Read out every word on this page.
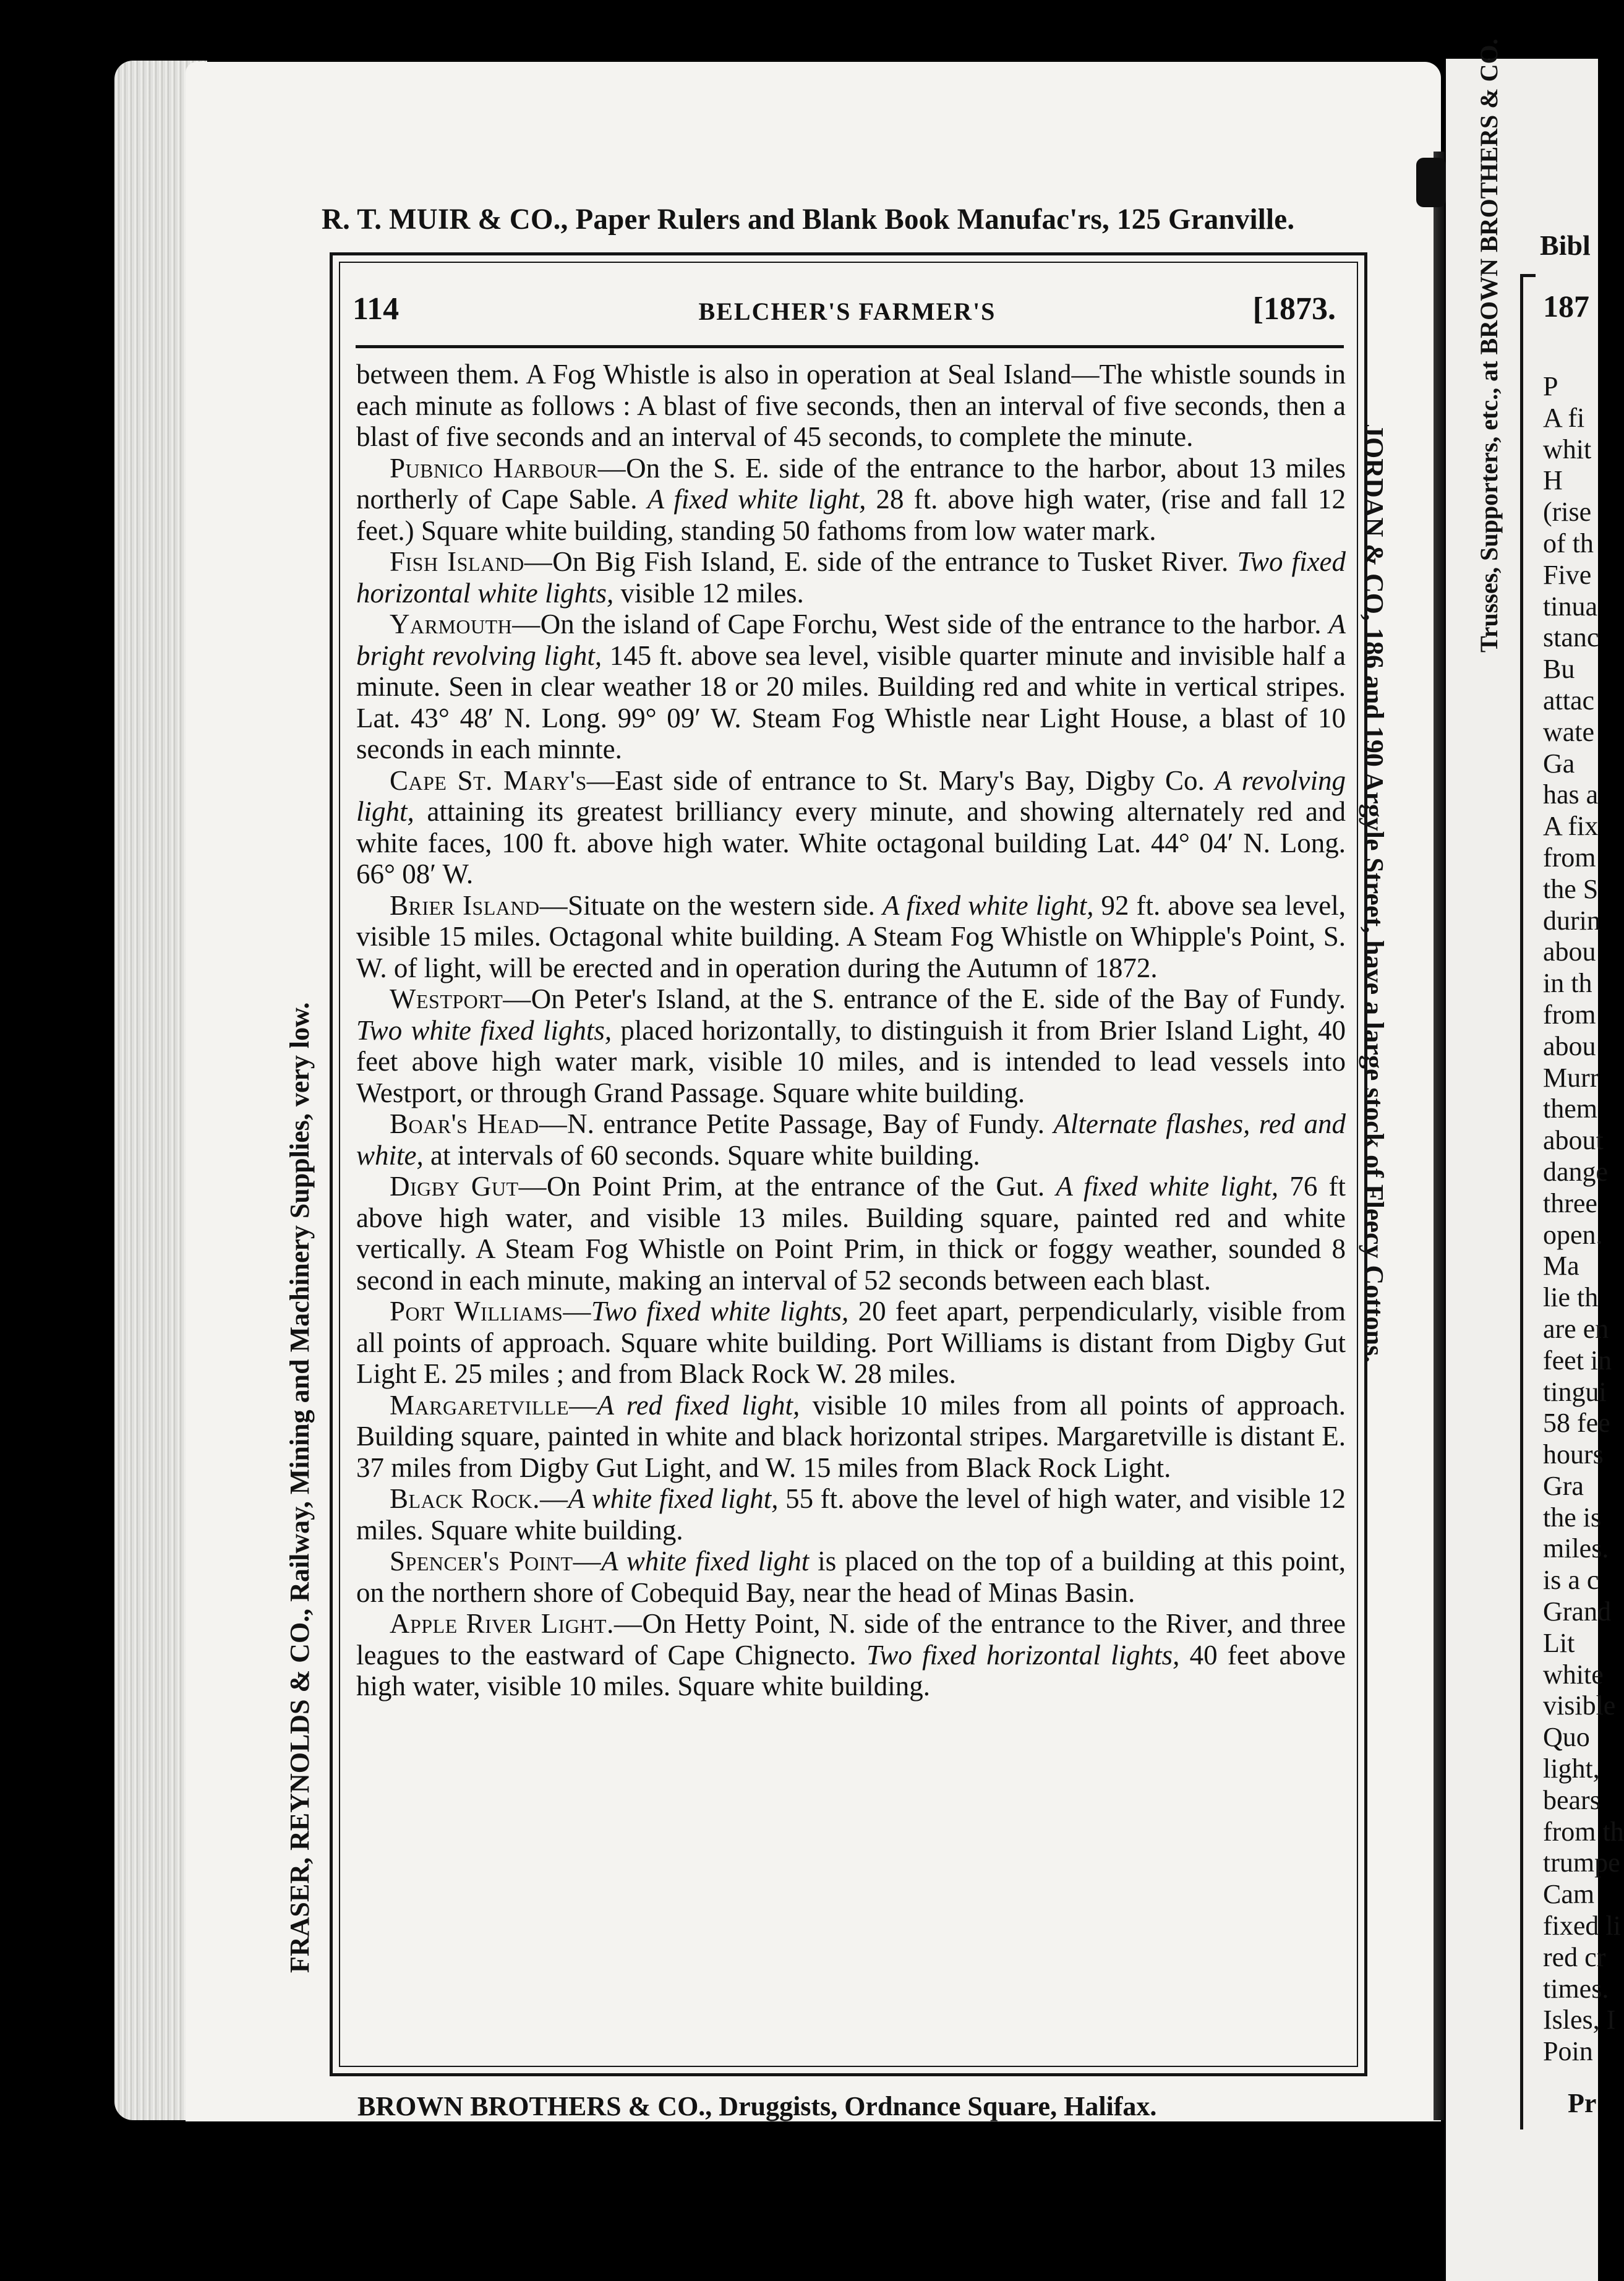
R. T. MUIR & CO., Paper Rulers and Blank Book Manufac'rs, 125 Granville.
FRASER, REYNOLDS & CO., Railway, Mining and Machinery Supplies, very low.
JORDAN & CO, 186 and 190 Argyle Street, have a large stock of Fleecy Cottons.
114	BELCHER'S FARMER'S	[1873.

between them. A Fog Whistle is also in operation at Seal Island—The whistle sounds in each minute as follows : A blast of five seconds, then an interval of five seconds, then a blast of five seconds and an interval of 45 seconds, to complete the minute.

Pubnico Harbour—On the S. E. side of the entrance to the harbor, about 13 miles northerly of Cape Sable. A fixed white light, 28 ft. above high water, (rise and fall 12 feet.) Square white building, standing 50 fathoms from low water mark.

Fish Island—On Big Fish Island, E. side of the entrance to Tusket River. Two fixed horizontal white lights, visible 12 miles.

Yarmouth—On the island of Cape Forchu, West side of the entrance to the harbor. A bright revolving light, 145 ft. above sea level, visible quarter minute and invisible half a minute. Seen in clear weather 18 or 20 miles. Building red and white in vertical stripes. Lat. 43° 48′ N. Long. 99° 09′ W. Steam Fog Whistle near Light House, a blast of 10 seconds in each minnte.

Cape St. Mary's—East side of entrance to St. Mary's Bay, Digby Co. A revolving light, attaining its greatest brilliancy every minute, and showing alternately red and white faces, 100 ft. above high water. White octagonal building Lat. 44° 04′ N. Long. 66° 08′ W.

Brier Island—Situate on the western side. A fixed white light, 92 ft. above sea level, visible 15 miles. Octagonal white building. A Steam Fog Whistle on Whipple's Point, S. W. of light, will be erected and in operation during the Autumn of 1872.

Westport—On Peter's Island, at the S. entrance of the E. side of the Bay of Fundy. Two white fixed lights, placed horizontally, to distinguish it from Brier Island Light, 40 feet above high water mark, visible 10 miles, and is intended to lead vessels into Westport, or through Grand Passage. Square white building.

Boar's Head—N. entrance Petite Passage, Bay of Fundy. Alternate flashes, red and white, at intervals of 60 seconds. Square white building.

Digby Gut—On Point Prim, at the entrance of the Gut. A fixed white light, 76 ft above high water, and visible 13 miles. Building square, painted red and white vertically. A Steam Fog Whistle on Point Prim, in thick or foggy weather, sounded 8 second in each minute, making an interval of 52 seconds between each blast.

Port Williams—Two fixed white lights, 20 feet apart, perpendicularly, visible from all points of approach. Square white building. Port Williams is distant from Digby Gut Light E. 25 miles ; and from Black Rock W. 28 miles.

Margaretville—A red fixed light, visible 10 miles from all points of approach. Building square, painted in white and black horizontal stripes. Margaretville is distant E. 37 miles from Digby Gut Light, and W. 15 miles from Black Rock Light.

Black Rock.—A white fixed light, 55 ft. above the level of high water, and visible 12 miles. Square white building.

Spencer's Point—A white fixed light is placed on the top of a building at this point, on the northern shore of Cobequid Bay, near the head of Minas Basin.

Apple River Light.—On Hetty Point, N. side of the entrance to the River, and three leagues to the eastward of Cape Chignecto. Two fixed horizontal lights, 40 feet above high water, visible 10 miles. Square white building.

BROWN BROTHERS & CO., Druggists, Ordnance Square, Halifax.
Bibl
187
P
A fi
whit
H
(rise
of th
Five
tinua
stanc
Bu
attac
wate
Ga
has a
A fix
from
the S
durin
abou
in th
from
abou
Murr
them
about
dange
three
open.
Ma
lie th
are en
feet in
tingui
58 fee
hours
Gra
the is
miles.
is a c
Grand
Lit
white
visible
Quo
light,
bears
from th
trumpe
Cam
fixed li
red cr
times.
Isles, I
Poin
Trusses, Supporters, etc., at BROWN BROTHERS & CO.
Pr
